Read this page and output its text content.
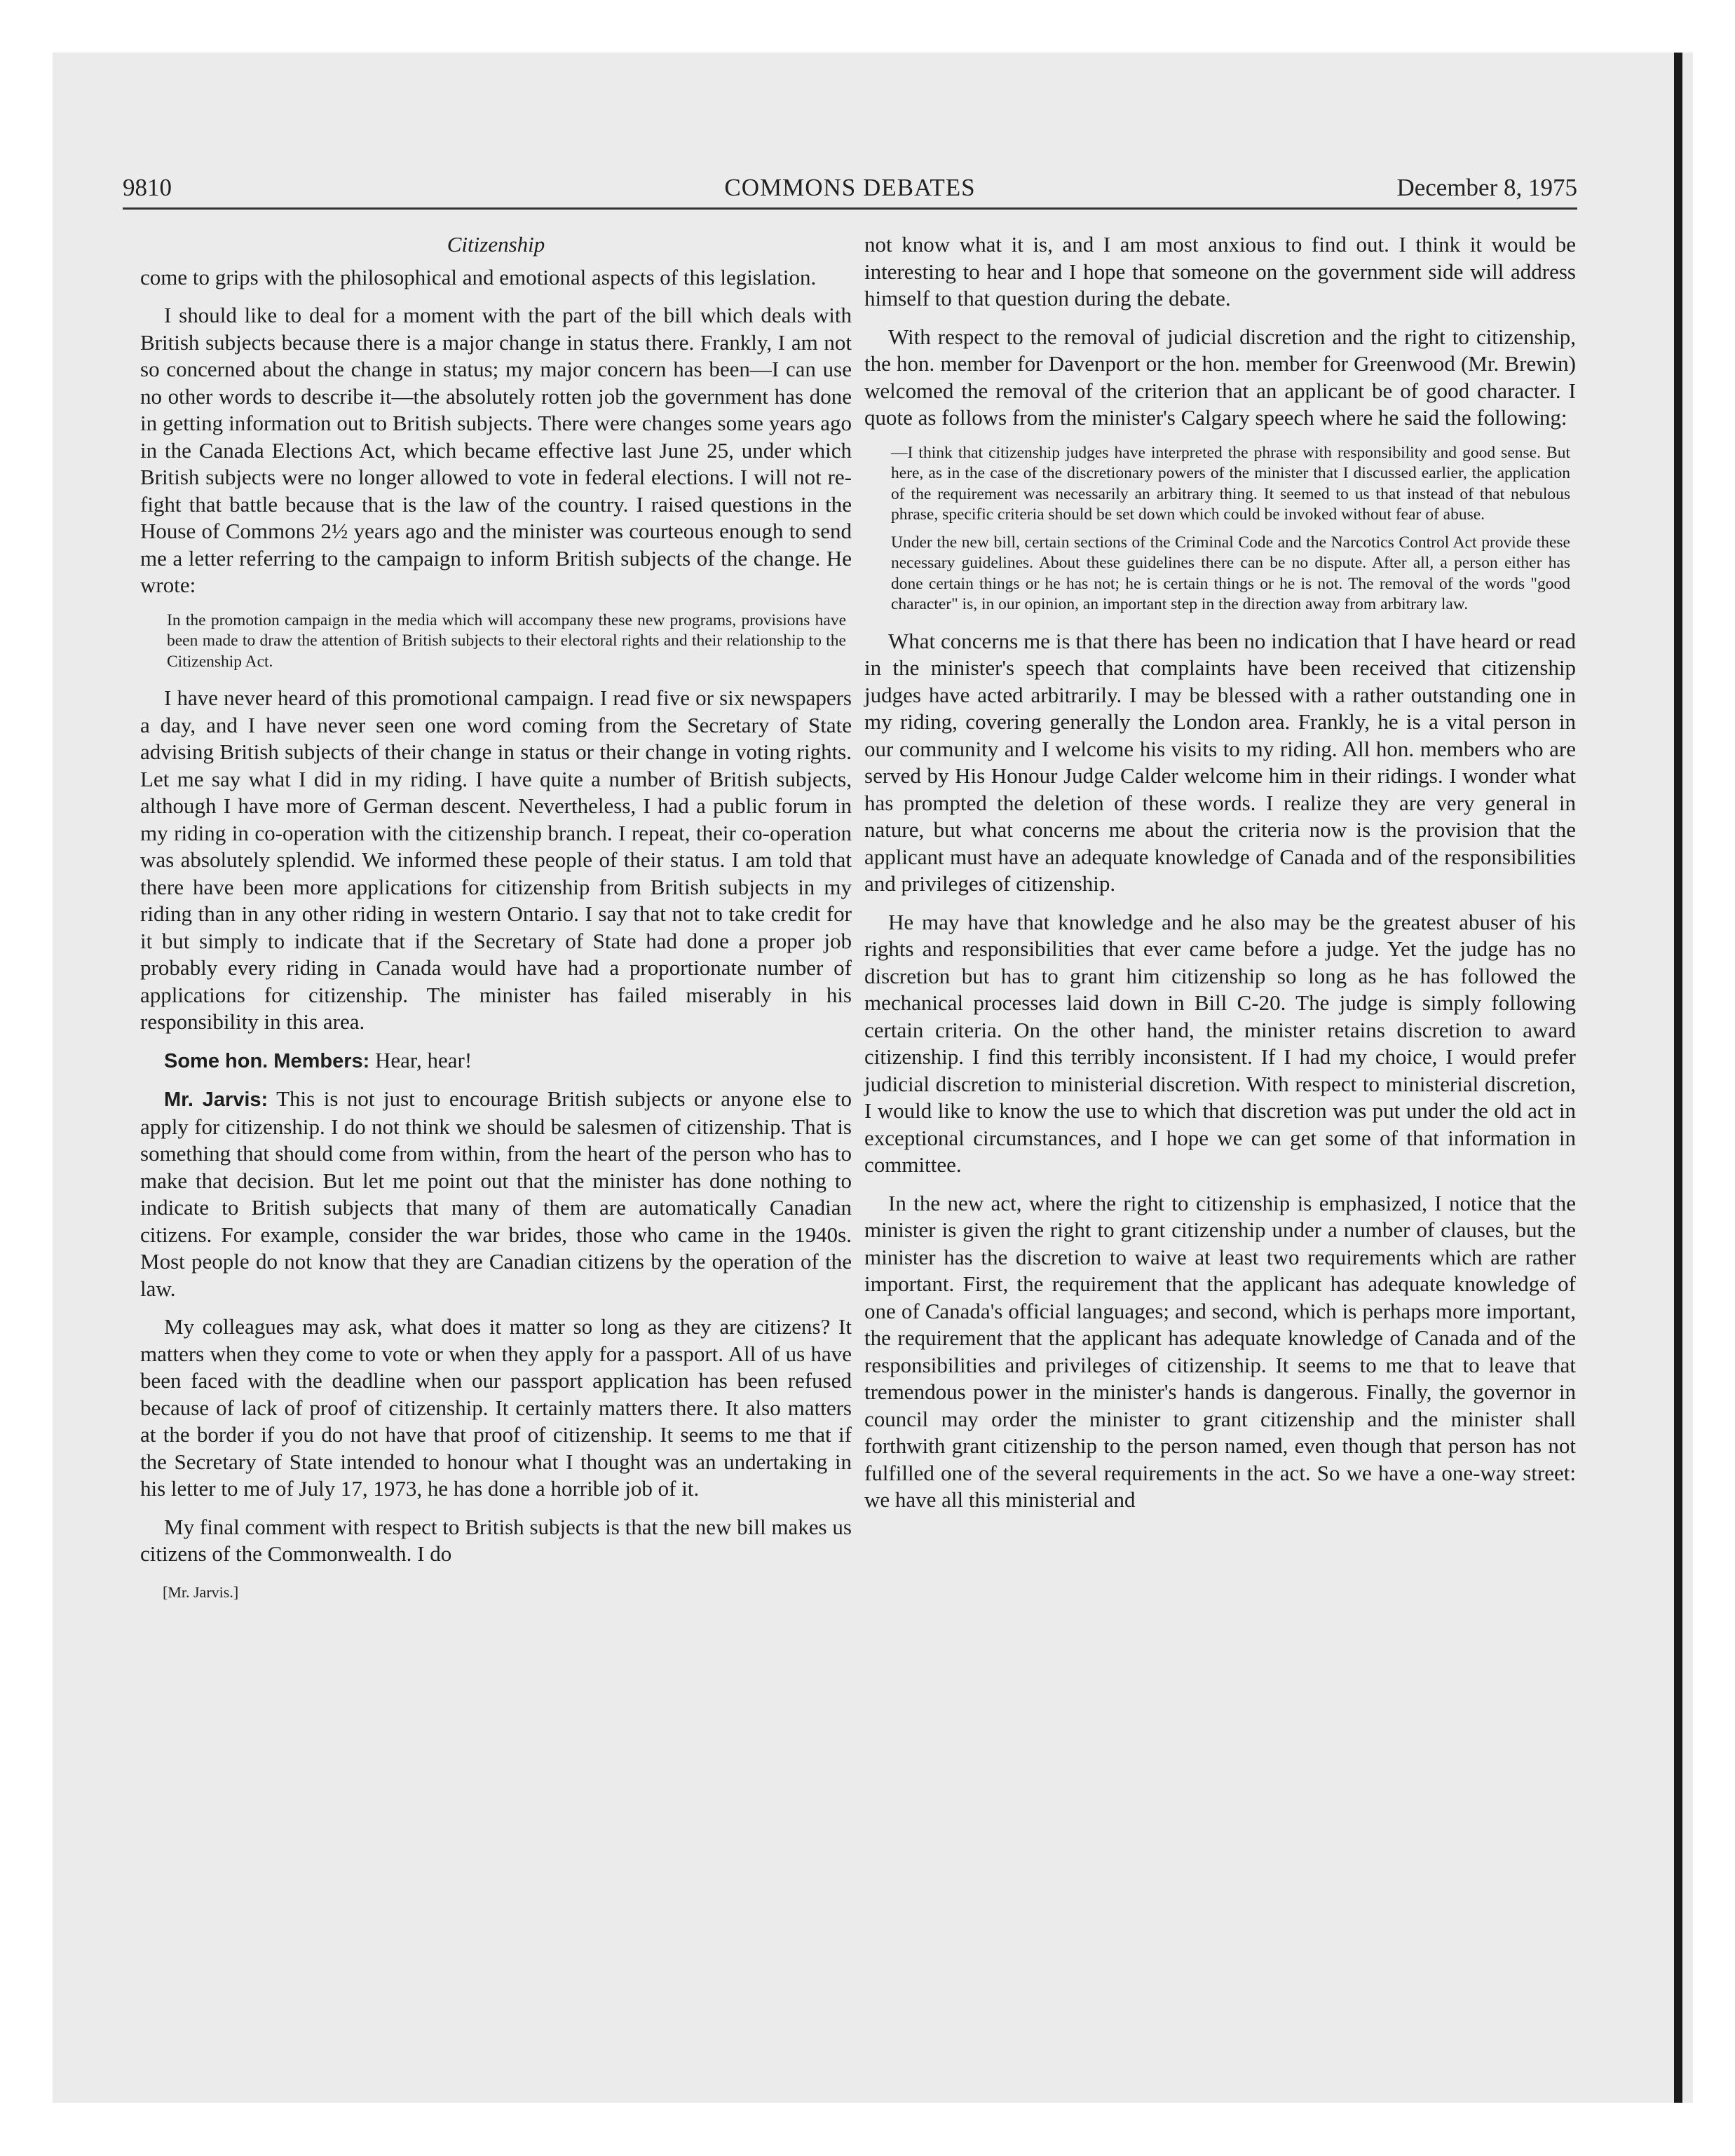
9810	COMMONS DEBATES	December 8, 1975
Citizenship

come to grips with the philosophical and emotional aspects of this legislation.

I should like to deal for a moment with the part of the bill which deals with British subjects because there is a major change in status there. Frankly, I am not so concerned about the change in status; my major concern has been—I can use no other words to describe it—the absolutely rotten job the government has done in getting information out to British subjects. There were changes some years ago in the Canada Elections Act, which became effective last June 25, under which British subjects were no longer allowed to vote in federal elections. I will not re-fight that battle because that is the law of the country. I raised questions in the House of Commons 2½ years ago and the minister was courteous enough to send me a letter referring to the campaign to inform British subjects of the change. He wrote:

In the promotion campaign in the media which will accompany these new programs, provisions have been made to draw the attention of British subjects to their electoral rights and their relationship to the Citizenship Act.

I have never heard of this promotional campaign. I read five or six newspapers a day, and I have never seen one word coming from the Secretary of State advising British subjects of their change in status or their change in voting rights. Let me say what I did in my riding. I have quite a number of British subjects, although I have more of German descent. Nevertheless, I had a public forum in my riding in co-operation with the citizenship branch. I repeat, their co-operation was absolutely splendid. We informed these people of their status. I am told that there have been more applications for citizenship from British subjects in my riding than in any other riding in western Ontario. I say that not to take credit for it but simply to indicate that if the Secretary of State had done a proper job probably every riding in Canada would have had a proportionate number of applications for citizenship. The minister has failed miserably in his responsibility in this area.

Some hon. Members: Hear, hear!

Mr. Jarvis: This is not just to encourage British subjects or anyone else to apply for citizenship. I do not think we should be salesmen of citizenship. That is something that should come from within, from the heart of the person who has to make that decision. But let me point out that the minister has done nothing to indicate to British subjects that many of them are automatically Canadian citizens. For example, consider the war brides, those who came in the 1940s. Most people do not know that they are Canadian citizens by the operation of the law.

My colleagues may ask, what does it matter so long as they are citizens? It matters when they come to vote or when they apply for a passport. All of us have been faced with the deadline when our passport application has been refused because of lack of proof of citizenship. It certainly matters there. It also matters at the border if you do not have that proof of citizenship. It seems to me that if the Secretary of State intended to honour what I thought was an undertaking in his letter to me of July 17, 1973, he has done a horrible job of it.

My final comment with respect to British subjects is that the new bill makes us citizens of the Commonwealth. I do

[Mr. Jarvis.]

not know what it is, and I am most anxious to find out. I think it would be interesting to hear and I hope that someone on the government side will address himself to that question during the debate.

With respect to the removal of judicial discretion and the right to citizenship, the hon. member for Davenport or the hon. member for Greenwood (Mr. Brewin) welcomed the removal of the criterion that an applicant be of good character. I quote as follows from the minister's Calgary speech where he said the following:

—I think that citizenship judges have interpreted the phrase with responsibility and good sense. But here, as in the case of the discretionary powers of the minister that I discussed earlier, the application of the requirement was necessarily an arbitrary thing. It seemed to us that instead of that nebulous phrase, specific criteria should be set down which could be invoked without fear of abuse.

Under the new bill, certain sections of the Criminal Code and the Narcotics Control Act provide these necessary guidelines. About these guidelines there can be no dispute. After all, a person either has done certain things or he has not; he is certain things or he is not. The removal of the words "good character" is, in our opinion, an important step in the direction away from arbitrary law.

What concerns me is that there has been no indication that I have heard or read in the minister's speech that complaints have been received that citizenship judges have acted arbitrarily. I may be blessed with a rather outstanding one in my riding, covering generally the London area. Frankly, he is a vital person in our community and I welcome his visits to my riding. All hon. members who are served by His Honour Judge Calder welcome him in their ridings. I wonder what has prompted the deletion of these words. I realize they are very general in nature, but what concerns me about the criteria now is the provision that the applicant must have an adequate knowledge of Canada and of the responsibilities and privileges of citizenship.

He may have that knowledge and he also may be the greatest abuser of his rights and responsibilities that ever came before a judge. Yet the judge has no discretion but has to grant him citizenship so long as he has followed the mechanical processes laid down in Bill C-20. The judge is simply following certain criteria. On the other hand, the minister retains discretion to award citizenship. I find this terribly inconsistent. If I had my choice, I would prefer judicial discretion to ministerial discretion. With respect to ministerial discretion, I would like to know the use to which that discretion was put under the old act in exceptional circumstances, and I hope we can get some of that information in committee.

In the new act, where the right to citizenship is emphasized, I notice that the minister is given the right to grant citizenship under a number of clauses, but the minister has the discretion to waive at least two requirements which are rather important. First, the requirement that the applicant has adequate knowledge of one of Canada's official languages; and second, which is perhaps more important, the requirement that the applicant has adequate knowledge of Canada and of the responsibilities and privileges of citizenship. It seems to me that to leave that tremendous power in the minister's hands is dangerous. Finally, the governor in council may order the minister to grant citizenship and the minister shall forthwith grant citizenship to the person named, even though that person has not fulfilled one of the several requirements in the act. So we have a one-way street: we have all this ministerial and
